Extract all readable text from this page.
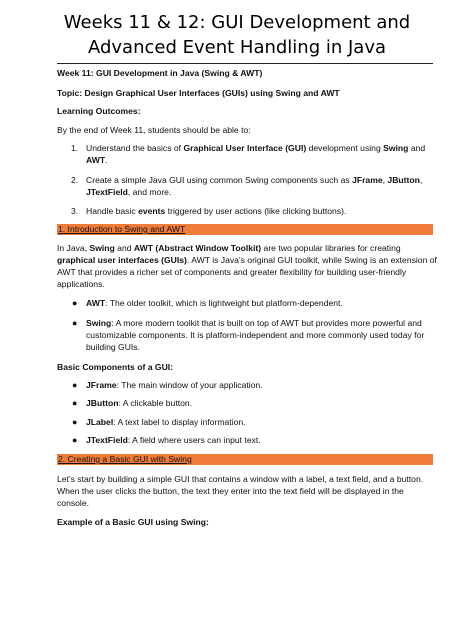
Weeks 11 & 12: GUI Development and
Advanced Event Handling in Java
Week 11: GUI Development in Java (Swing & AWT)
Topic: Design Graphical User Interfaces (GUIs) using Swing and AWT
Learning Outcomes:
By the end of Week 11, students should be able to:
1. Understand the basics of Graphical User Interface (GUI) development using Swing and
AWT.
2. Create a simple Java GUI using common Swing components such as JFrame, JButton,
JTextField, and more.
3. Handle basic events triggered by user actions (like clicking buttons).
1. Introduction to Swing and AWT
In Java, Swing and AWT (Abstract Window Toolkit) are two popular libraries for creating
graphical user interfaces (GUIs). AWT is Java's original GUI toolkit, while Swing is an extension of
AWT that provides a richer set of components and greater flexibility for building user-friendly
applications.
● AWT: The older toolkit, which is lightweight but platform-dependent.
● Swing: A more modern toolkit that is built on top of AWT but provides more powerful and
customizable components. It is platform-independent and more commonly used today for
building GUIs.
Basic Components of a GUI:
● JFrame: The main window of your application.
● JButton: A clickable button.
● JLabel: A text label to display information.
● JTextField: A field where users can input text.
2. Creating a Basic GUI with Swing
Let's start by building a simple GUI that contains a window with a label, a text field, and a button.
When the user clicks the button, the text they enter into the text field will be displayed in the
console.
Example of a Basic GUI using Swing:
